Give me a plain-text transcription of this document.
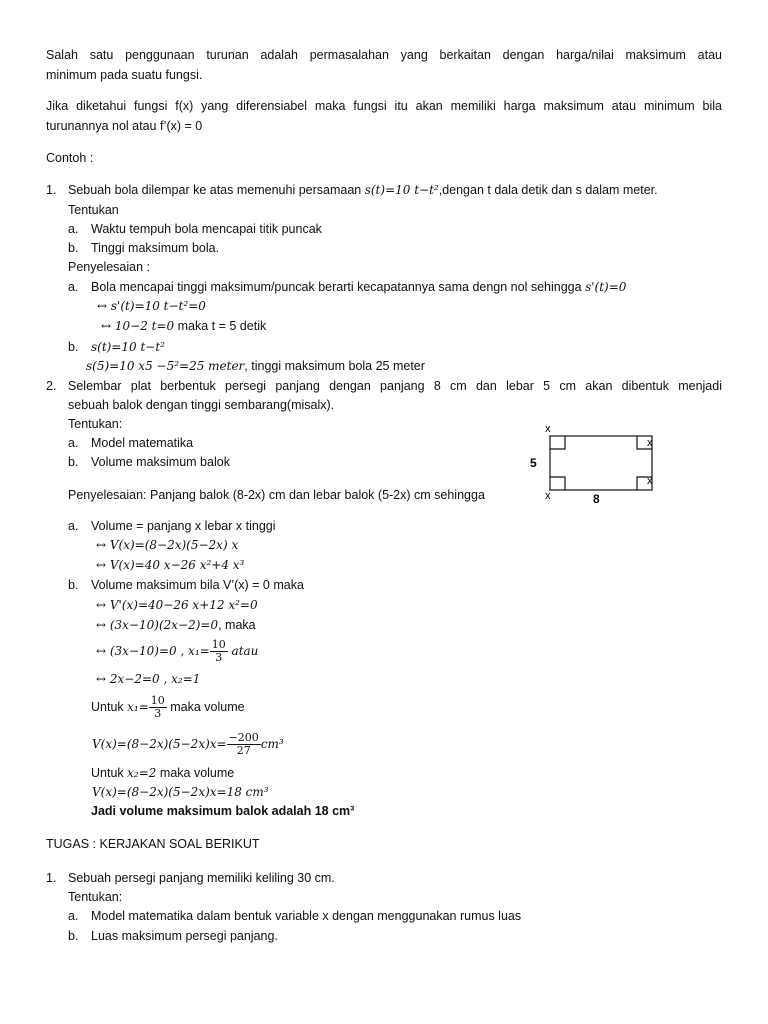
Salah satu penggunaan turunan adalah permasalahan yang berkaitan dengan harga/nilai maksimum atau
minimum pada suatu fungsi.
Jika diketahui fungsi f(x) yang diferensiabel maka fungsi itu akan memiliki harga maksimum atau minimum bila
turunannya nol atau f’(x) = 0
Contoh :
1. Sebuah bola dilempar ke atas memenuhi persamaan s(t)=10 t−t²,dengan t dala detik dan s dalam meter.
Tentukan
a. Waktu tempuh bola mencapai titik puncak
b. Tinggi maksimum bola.
Penyelesaian :
a. Bola mencapai tinggi maksimum/puncak berarti kecapatannya sama dengn nol sehingga s'(t)=0
↔ s'(t)=10 t−t²=0
↔ 10−2 t=0 maka t = 5 detik
b. s(t)=10 t−t²
s(5)=10 x5 −5²=25 meter, tinggi maksimum bola 25 meter
2. Selembar plat berbentuk persegi panjang dengan panjang 8 cm dan lebar 5 cm akan dibentuk menjadi
sebuah balok dengan tinggi sembarang(misalx).
Tentukan:
a. Model matematika
b. Volume maksimum balok
x
x
x
x
5
8
Penyelesaian: Panjang balok (8-2x) cm dan lebar balok (5-2x) cm sehingga
a. Volume = panjang x lebar x tinggi
↔ V(x)=(8−2x)(5−2x) x
↔ V(x)=40 x−26 x²+4 x³
b. Volume maksimum bila V’(x) = 0 maka
↔ V'(x)=40−26 x+12 x²=0
↔ (3x−10)(2x−2)=0, maka
↔ (3x−10)=0 , $x_1= \frac{10}{3}$ atau
↔ 2x−2=0 , x₂=1
Untuk $x_1= \frac{10}{3}$ maka volume
$V(x)=(8-2x)(5-2x)x= \frac{-200}{27} cm^3$
Untuk x₂=2 maka volume
V(x)=(8−2x)(5−2x)x=18 cm³
Jadi volume maksimum balok adalah 18 cm³
TUGAS : KERJAKAN SOAL BERIKUT
1. Sebuah persegi panjang memiliki keliling 30 cm.
Tentukan:
a. Model matematika dalam bentuk variable x dengan menggunakan rumus luas
b. Luas maksimum persegi panjang.
